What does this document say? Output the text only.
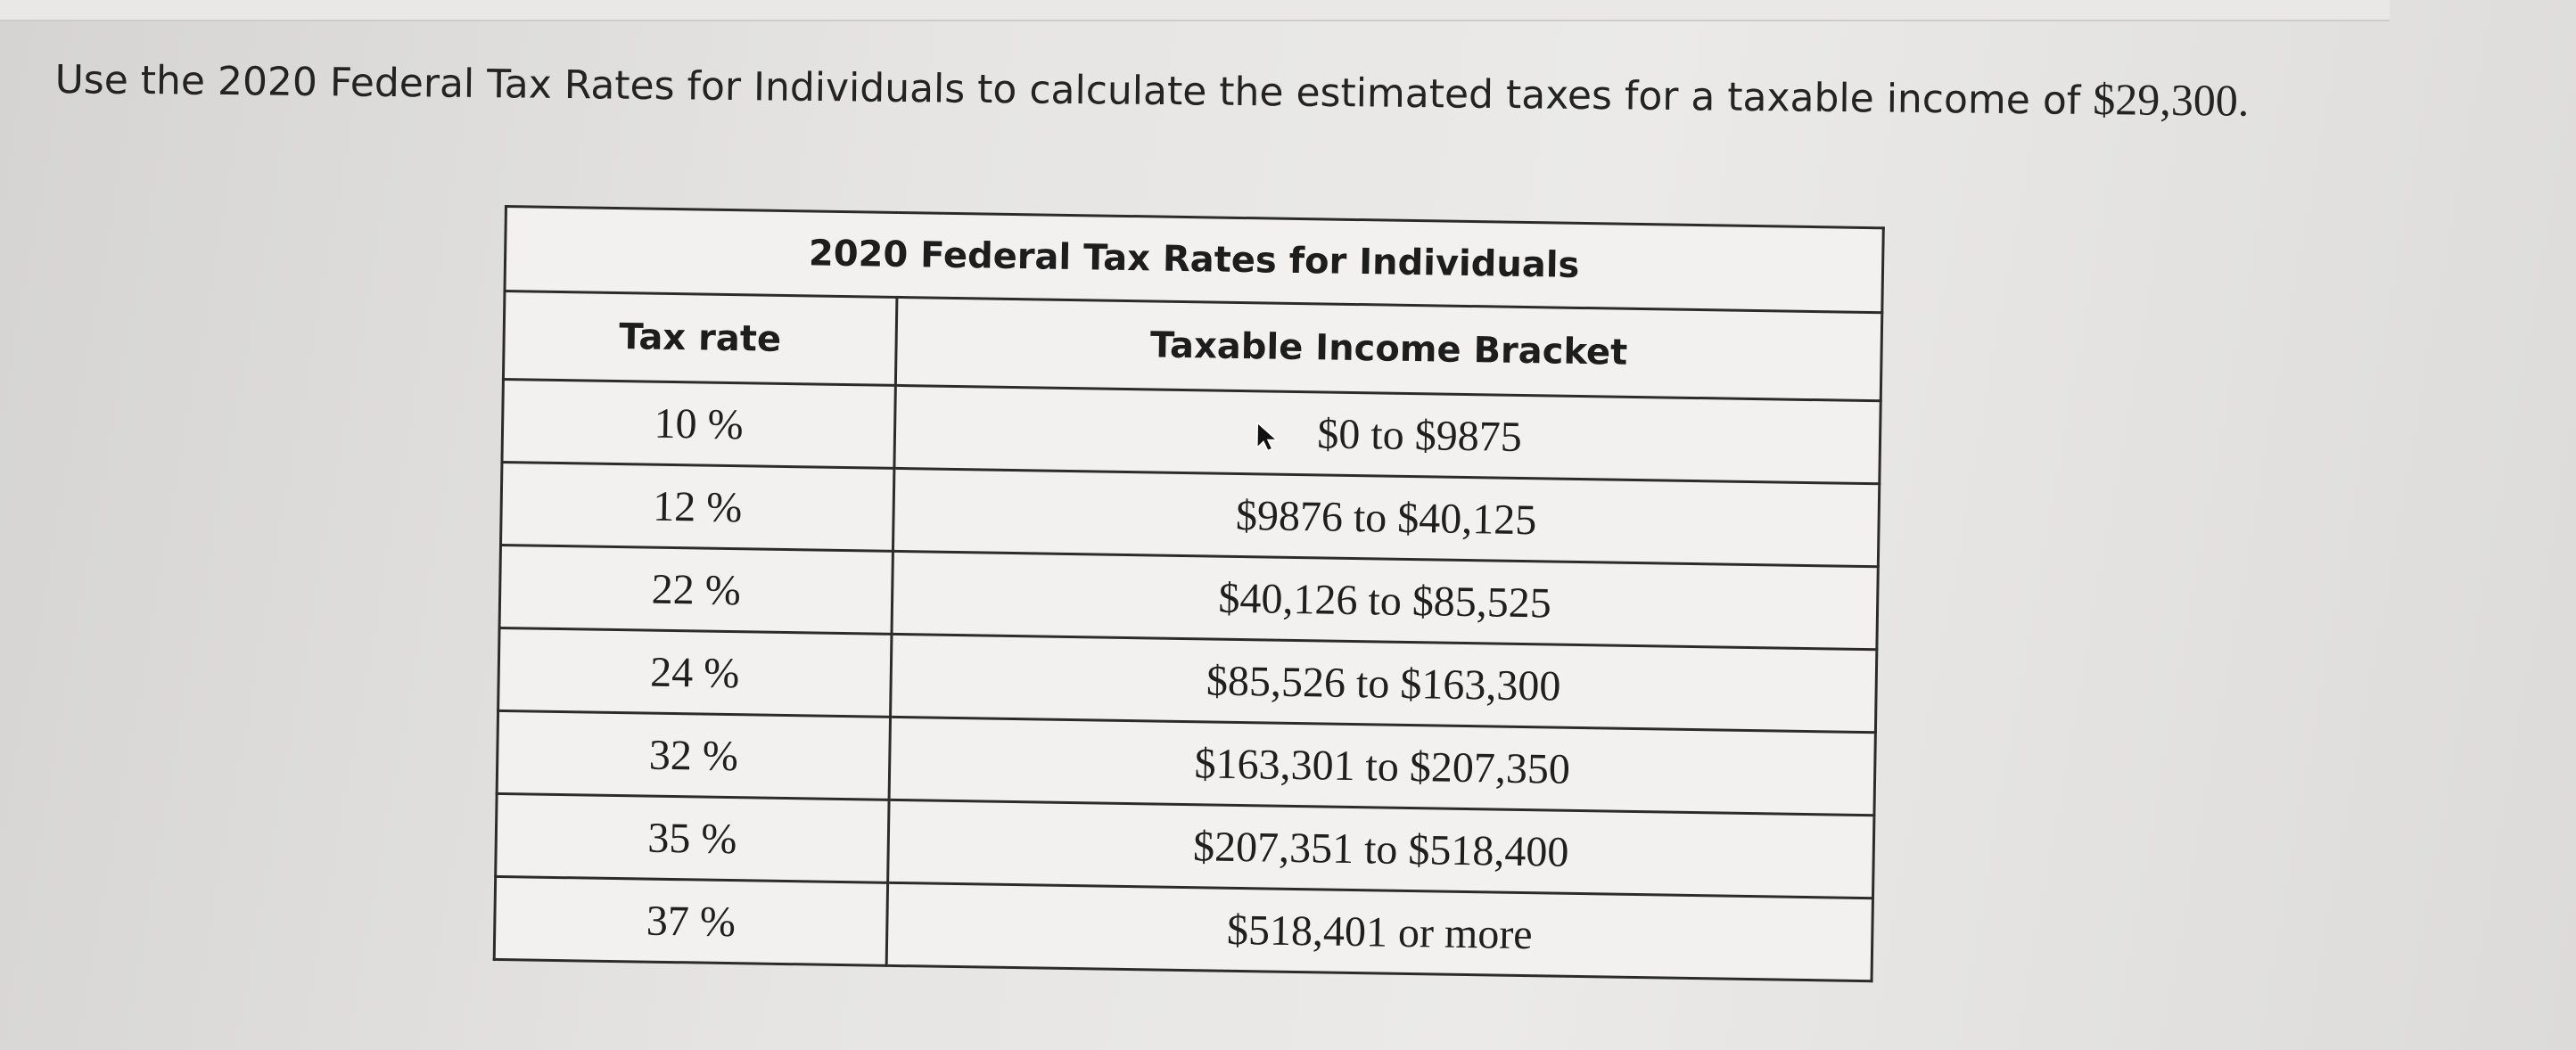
Use the 2020 Federal Tax Rates for Individuals to calculate the estimated taxes for a taxable income of $29,300.
2020 Federal Tax Rates for Individuals	
Tax rate	Taxable Income Bracket
10 %	$0 to $9875
12 %	$9876 to $40,125
22 %	$40,126 to $85,525
24 %	$85,526 to $163,300
32 %	$163,301 to $207,350
35 %	$207,351 to $518,400
37 %	$518,401 or more
